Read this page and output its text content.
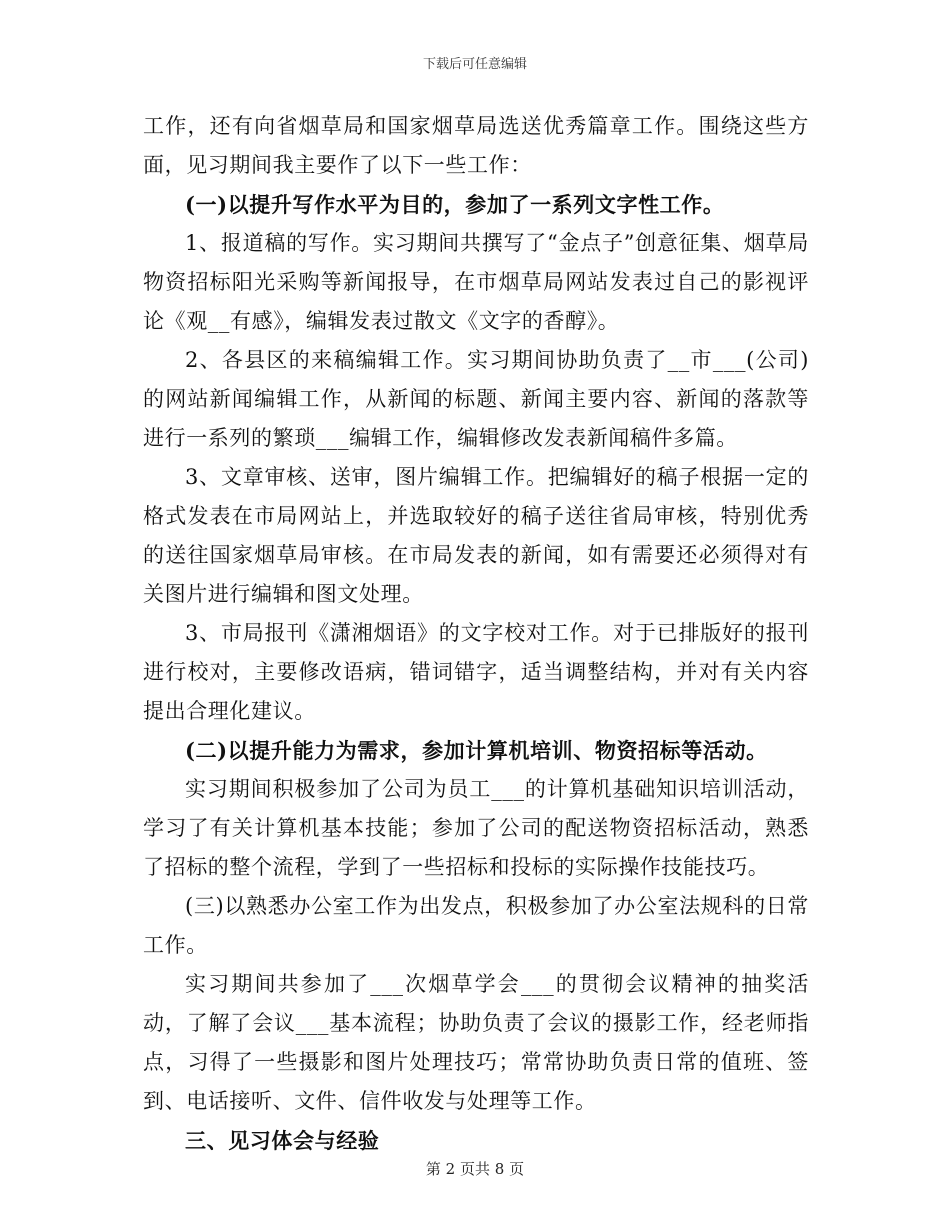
下载后可任意编辑

工作，还有向省烟草局和国家烟草局选送优秀篇章工作。围绕这些方面，见习期间我主要作了以下一些工作：

(一)以提升写作水平为目的，参加了一系列文字性工作。

1、报道稿的写作。实习期间共撰写了“金点子”创意征集、烟草局物资招标阳光采购等新闻报导，在市烟草局网站发表过自己的影视评论《观__有感》，编辑发表过散文《文字的香醇》。

2、各县区的来稿编辑工作。实习期间协助负责了__市___(公司)的网站新闻编辑工作，从新闻的标题、新闻主要内容、新闻的落款等进行一系列的繁琐___编辑工作，编辑修改发表新闻稿件多篇。

3、文章审核、送审，图片编辑工作。把编辑好的稿子根据一定的格式发表在市局网站上，并选取较好的稿子送往省局审核，特别优秀的送往国家烟草局审核。在市局发表的新闻，如有需要还必须得对有关图片进行编辑和图文处理。

3、市局报刊《潇湘烟语》的文字校对工作。对于已排版好的报刊进行校对，主要修改语病，错词错字，适当调整结构，并对有关内容提出合理化建议。

(二)以提升能力为需求，参加计算机培训、物资招标等活动。

实习期间积极参加了公司为员工___的计算机基础知识培训活动，学习了有关计算机基本技能；参加了公司的配送物资招标活动，熟悉了招标的整个流程，学到了一些招标和投标的实际操作技能技巧。

(三)以熟悉办公室工作为出发点，积极参加了办公室法规科的日常工作。

实习期间共参加了___次烟草学会___的贯彻会议精神的抽奖活动，了解了会议___基本流程；协助负责了会议的摄影工作，经老师指点，习得了一些摄影和图片处理技巧；常常协助负责日常的值班、签到、电话接听、文件、信件收发与处理等工作。

三、见习体会与经验

第 2 页共 8 页
